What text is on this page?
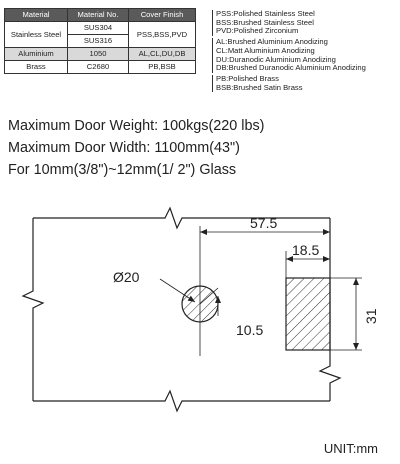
Material	Material No.	Cover Finish
Stainless Steel	SUS304	PSS,BSS,PVD
	SUS316	
Aluminium	1050	AL,CL,DU,DB
Brass	C2680	PB,BSB
PSS:Polished Stainless Steel
BSS:Brushed Stainless Steel
PVD:Polished Zirconium
AL:Brushed Aluminium Anodizing
CL:Matt Aluminium Anodizing
DU:Duranodic Aluminium Anodizing
DB:Brushed Duranodic Aluminium Anodizing
PB:Polished Brass
BSB:Brushed Satin Brass
Maximum Door Weight: 100kgs(220 lbs)
Maximum Door Width: 1100mm(43")
For 10mm(3/8")~12mm(1/ 2") Glass
57.5
18.5
31
Ø20
10.5
UNIT:mm
